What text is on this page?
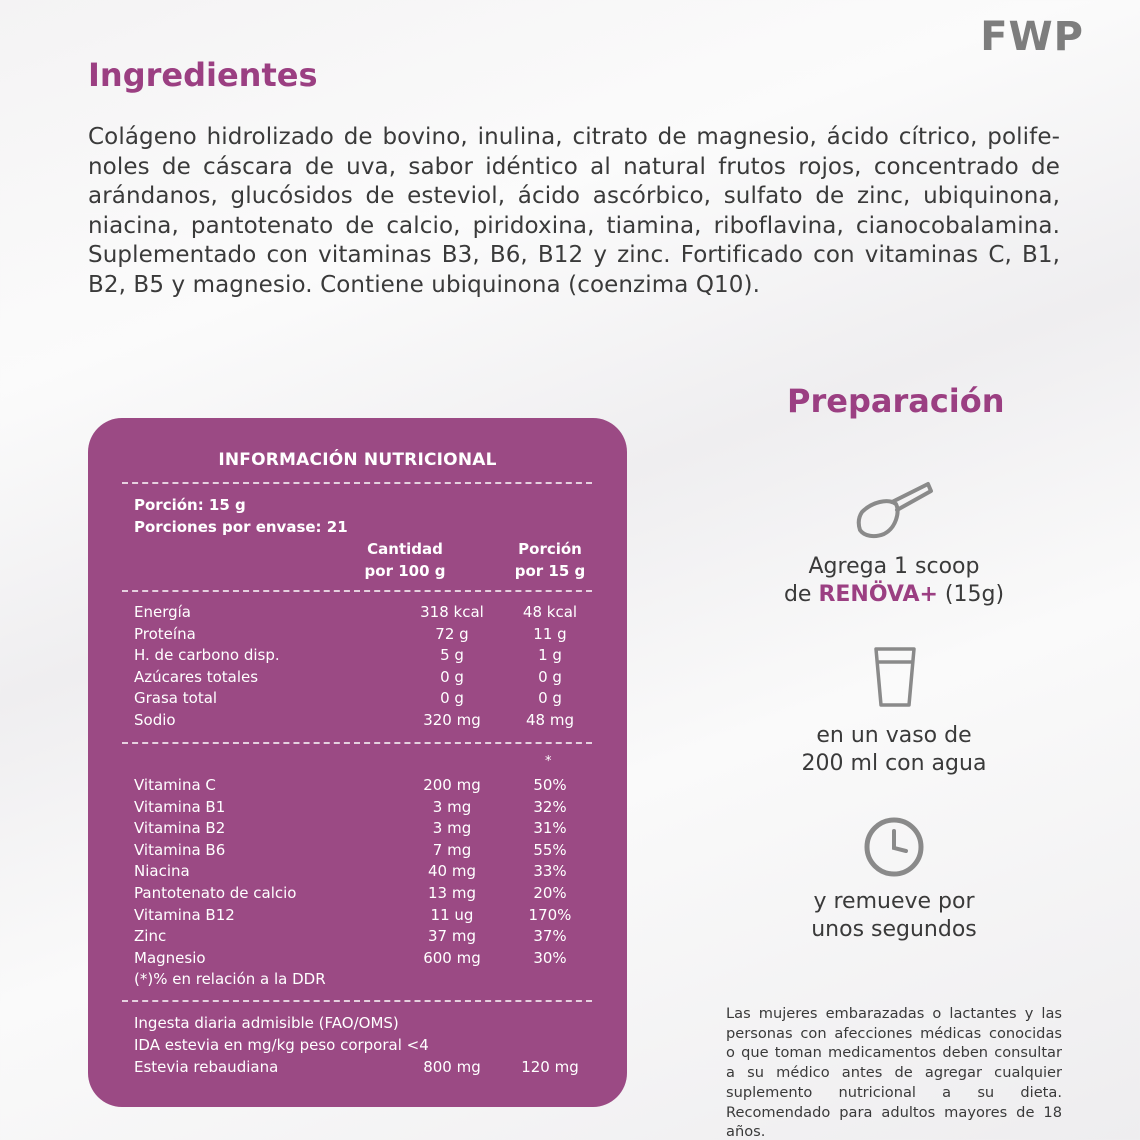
FWP
Ingredientes

Colágeno hidrolizado de bovino, inulina, citrato de magnesio, ácido cítrico, polife-noles de cáscara de uva, sabor idéntico al natural frutos rojos, concentrado de arándanos, glucósidos de esteviol, ácido ascórbico, sulfato de zinc, ubiquinona, niacina, pantotenato de calcio, piridoxina, tiamina, riboflavina, cianocobalamina. Suplementado con vitaminas B3, B6, B12 y zinc. Fortificado con vitaminas C, B1, B2, B5 y magnesio. Contiene ubiquinona (coenzima Q10).

INFORMACIÓN NUTRICIONAL
Porción: 15 g
Porciones por envase: 21
Cantidad
por 100 g
Porción
por 15 g
Energía	318 kcal	48 kcal
Proteína	72 g	11 g
H. de carbono disp.	5 g	1 g
Azúcares totales	0 g	0 g
Grasa total	0 g	0 g
Sodio	320 mg	48 mg
*
Vitamina C	200 mg	50%
Vitamina B1	3 mg	32%
Vitamina B2	3 mg	31%
Vitamina B6	7 mg	55%
Niacina	40 mg	33%
Pantotenato de calcio	13 mg	20%
Vitamina B12	11 ug	170%
Zinc	37 mg	37%
Magnesio	600 mg	30%
(*)% en relación a la DDR
Ingesta diaria admisible (FAO/OMS)
IDA estevia en mg/kg peso corporal <4
Estevia rebaudiana	800 mg	120 mg
Preparación
Agrega 1 scoop
de RENÖVA+ (15g)
en un vaso de
200 ml con agua
y remueve por
unos segundos

Las mujeres embarazadas o lactantes y las personas con afecciones médicas conocidas o que toman medicamentos deben consultar a su médico antes de agregar cualquier suplemento nutricional a su dieta. Recomendado para adultos mayores de 18 años.
